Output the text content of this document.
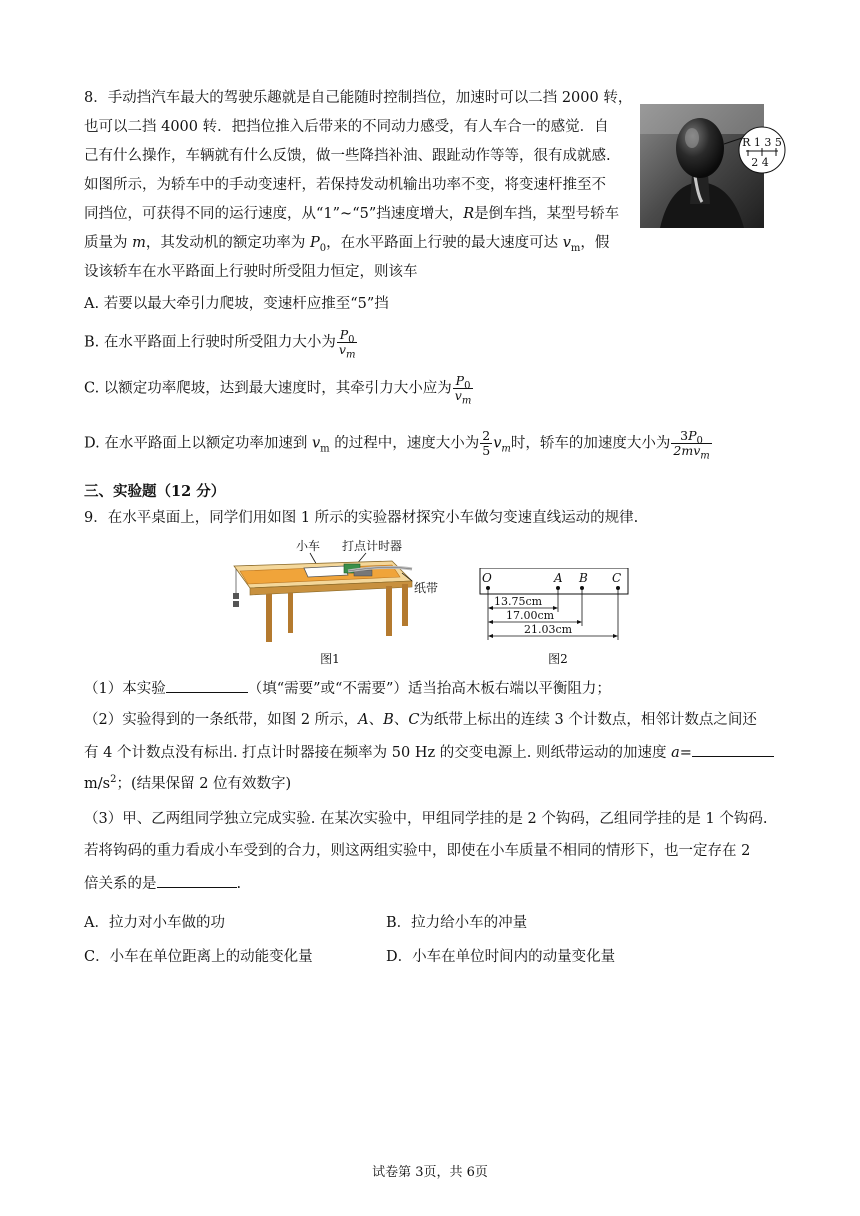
8．手动挡汽车最大的驾驶乐趣就是自己能随时控制挡位，加速时可以二挡 2000 转，
也可以二挡 4000 转．把挡位推入后带来的不同动力感受，有人车合一的感觉．自
己有什么操作，车辆就有什么反馈，做一些降挡补油、跟趾动作等等，很有成就感.
如图所示，为轿车中的手动变速杆，若保持发动机输出功率不变，将变速杆推至不
同挡位，可获得不同的运行速度，从“1”~“5”挡速度增大，R是倒车挡，某型号轿车
质量为 m，其发动机的额定功率为 $P_0$，在水平路面上行驶的最大速度可达 $v_m$，假
设该轿车在水平路面上行驶时所受阻力恒定，则该车
R 1 3 5
2 4
A. 若要以最大牵引力爬坡，变速杆应推至“5”挡
B. 在水平路面上行驶时所受阻力大小为 $\frac{P_0}{v_m}$
C. 以额定功率爬坡，达到最大速度时，其牵引力大小应为 $\frac{P_0}{v_m}$
D. 在水平路面上以额定功率加速到 $v_m$ 的过程中，速度大小为 $\frac{2}{5} v_m$时，轿车的加速度大小为 $\frac{3P_0}{2mv_m}$
三、实验题（12 分）
9．在水平桌面上，同学们用如图 1 所示的实验器材探究小车做匀变速直线运动的规律.
小车 打点计时器
纸带
图1
O	A B C
13.75cm
17.00cm
21.03cm
图2
（1）本实验	（填“需要”或“不需要”）适当抬高木板右端以平衡阻力；
（2）实验得到的一条纸带，如图 2 所示，A、B、C为纸带上标出的连续 3 个计数点，相邻计数点之间还
有 4 个计数点没有标出. 打点计时器接在频率为 50 Hz 的交变电源上. 则纸带运动的加速度 a=
$m/s^2$；(结果保留 2 位有效数字)
（3）甲、乙两组同学独立完成实验. 在某次实验中，甲组同学挂的是 2 个钩码，乙组同学挂的是 1 个钩码.
若将钩码的重力看成小车受到的合力，则这两组实验中，即使在小车质量不相同的情形下，也一定存在 2
倍关系的是	.
A．拉力对小车做的功	B．拉力给小车的冲量
C．小车在单位距离上的动能变化量	D．小车在单位时间内的动量变化量
试卷第 3页，共 6页
